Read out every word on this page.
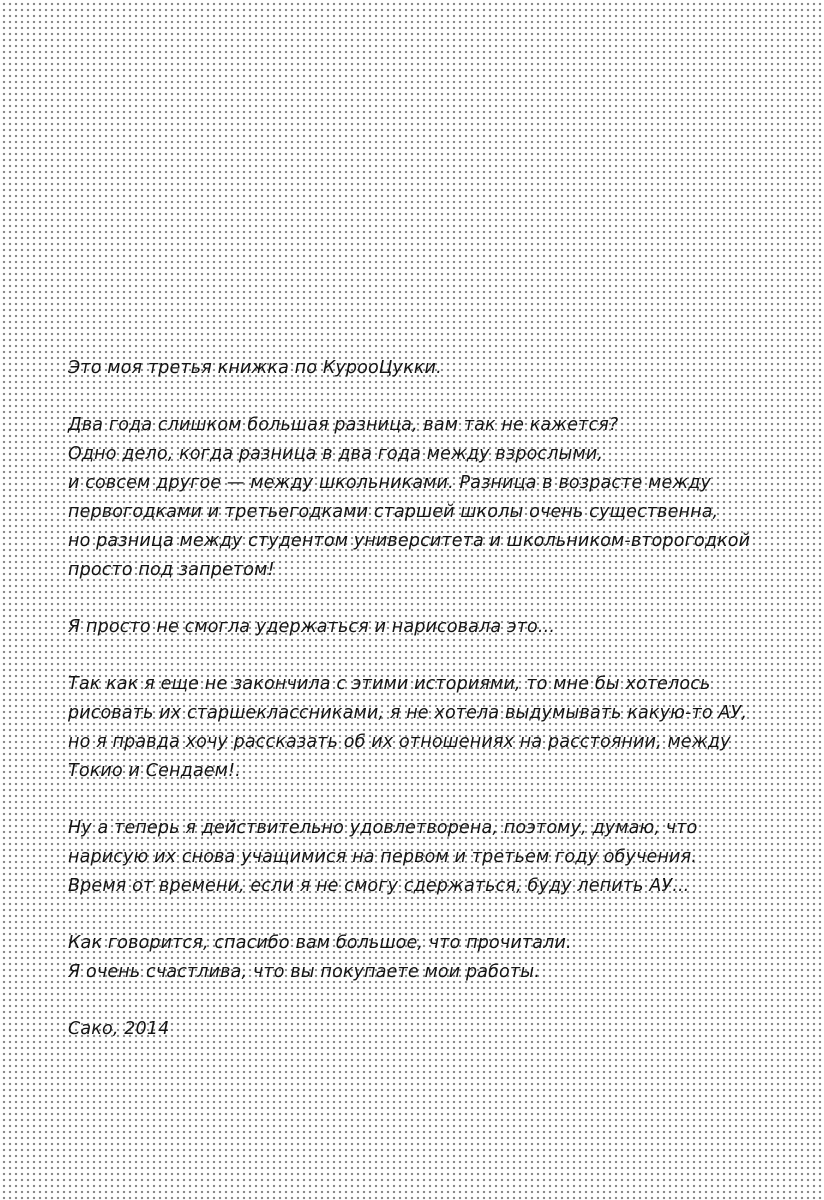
Это моя третья книжка по КурооЦукки.

Два года слишком большая разница, вам так не кажется?
Одно дело, когда разница в два года между взрослыми,
и совсем другое — между школьниками. Разница в возрасте между
первогодками и третьегодками старшей школы очень существенна,
но разница между студентом университета и школьником-второгодкой
просто под запретом!

Я просто не смогла удержаться и нарисовала это...

Так как я еще не закончила с этими историями, то мне бы хотелось
рисовать их старшеклассниками, я не хотела выдумывать какую-то АУ,
но я правда хочу рассказать об их отношениях на расстоянии, между
Токио и Сендаем!.

Ну а теперь я действительно удовлетворена, поэтому, думаю, что
нарисую их снова учащимися на первом и третьем году обучения.
Время от времени, если я не смогу сдержаться, буду лепить АУ...

Как говорится, спасибо вам большое, что прочитали.
Я очень счастлива, что вы покупаете мои работы.

Сако, 2014
